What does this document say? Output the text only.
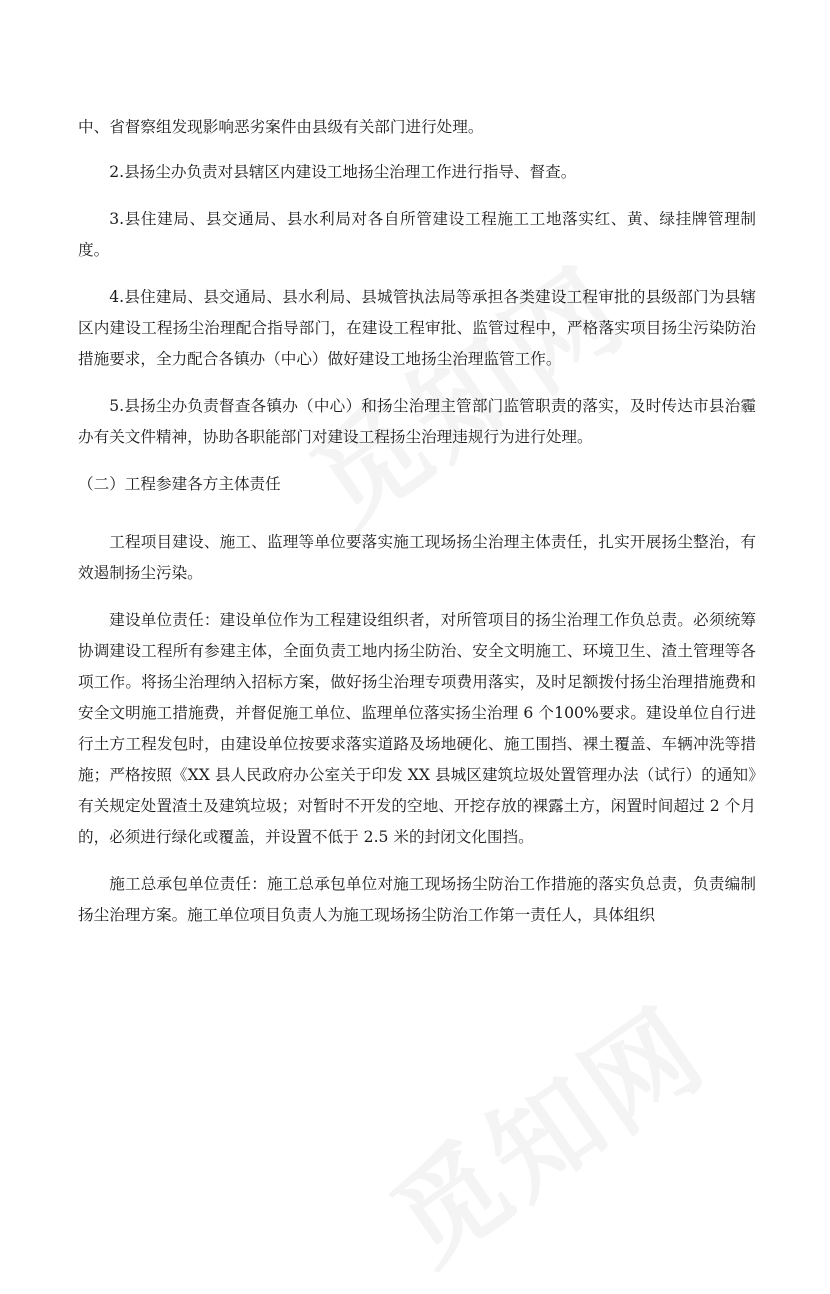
中、省督察组发现影响恶劣案件由县级有关部门进行处理。

2.县扬尘办负责对县辖区内建设工地扬尘治理工作进行指导、督查。

3.县住建局、县交通局、县水利局对各自所管建设工程施工工地落实红、黄、绿挂牌管理制度。

4.县住建局、县交通局、县水利局、县城管执法局等承担各类建设工程审批的县级部门为县辖区内建设工程扬尘治理配合指导部门，在建设工程审批、监管过程中，严格落实项目扬尘污染防治措施要求，全力配合各镇办（中心）做好建设工地扬尘治理监管工作。

5.县扬尘办负责督查各镇办（中心）和扬尘治理主管部门监管职责的落实，及时传达市县治霾办有关文件精神，协助各职能部门对建设工程扬尘治理违规行为进行处理。

（二）工程参建各方主体责任

工程项目建设、施工、监理等单位要落实施工现场扬尘治理主体责任，扎实开展扬尘整治，有效遏制扬尘污染。

建设单位责任：建设单位作为工程建设组织者，对所管项目的扬尘治理工作负总责。必须统筹协调建设工程所有参建主体，全面负责工地内扬尘防治、安全文明施工、环境卫生、渣土管理等各项工作。将扬尘治理纳入招标方案，做好扬尘治理专项费用落实，及时足额拨付扬尘治理措施费和安全文明施工措施费，并督促施工单位、监理单位落实扬尘治理 6 个100%要求。建设单位自行进行土方工程发包时，由建设单位按要求落实道路及场地硬化、施工围挡、裸土覆盖、车辆冲洗等措施；严格按照《XX 县人民政府办公室关于印发 XX 县城区建筑垃圾处置管理办法（试行）的通知》有关规定处置渣土及建筑垃圾；对暂时不开发的空地、开挖存放的裸露土方，闲置时间超过 2 个月的，必须进行绿化或覆盖，并设置不低于 2.5 米的封闭文化围挡。

施工总承包单位责任：施工总承包单位对施工现场扬尘防治工作措施的落实负总责，负责编制扬尘治理方案。施工单位项目负责人为施工现场扬尘防治工作第一责任人，具体组织
